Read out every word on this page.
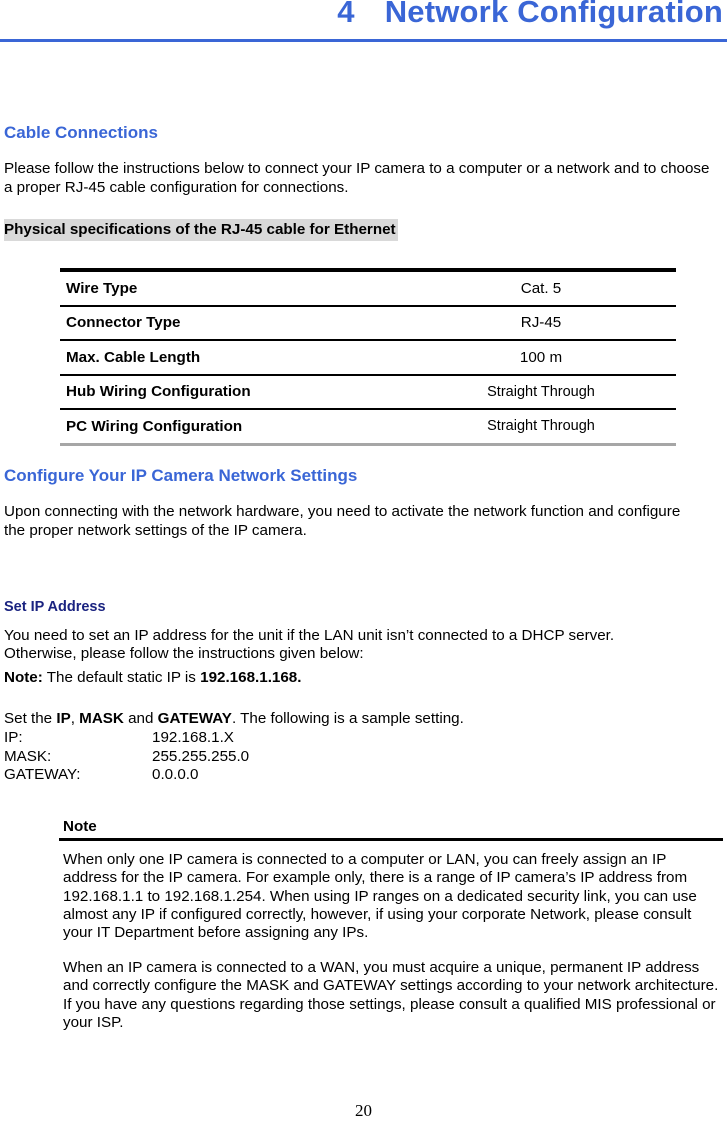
4 Network Configuration
Cable Connections

Please follow the instructions below to connect your IP camera to a computer or a network and to choose a proper RJ-45 cable configuration for connections.

Physical specifications of the RJ-45 cable for Ethernet
Wire Type	Cat. 5
Connector Type	RJ-45
Max. Cable Length	100 m
Hub Wiring Configuration	Straight Through
PC Wiring Configuration	Straight Through
Configure Your IP Camera Network Settings

Upon connecting with the network hardware, you need to activate the network function and configure the proper network settings of the IP camera.

Set IP Address

You need to set an IP address for the unit if the LAN unit isn’t connected to a DHCP server.

Otherwise, please follow the instructions given below:

Note: The default static IP is 192.168.1.168.

Set the IP, MASK and GATEWAY. The following is a sample setting.

IP:	192.168.1.X
MASK:	255.255.255.0
GATEWAY:	0.0.0.0
Note

When only one IP camera is connected to a computer or LAN, you can freely assign an IP address for the IP camera. For example only, there is a range of IP camera’s IP address from 192.168.1.1 to 192.168.1.254. When using IP ranges on a dedicated security link, you can use almost any IP if configured correctly, however, if using your corporate Network, please consult your IT Department before assigning any IPs.

When an IP camera is connected to a WAN, you must acquire a unique, permanent IP address and correctly configure the MASK and GATEWAY settings according to your network architecture. If you have any questions regarding those settings, please consult a qualified MIS professional or your ISP.

20
